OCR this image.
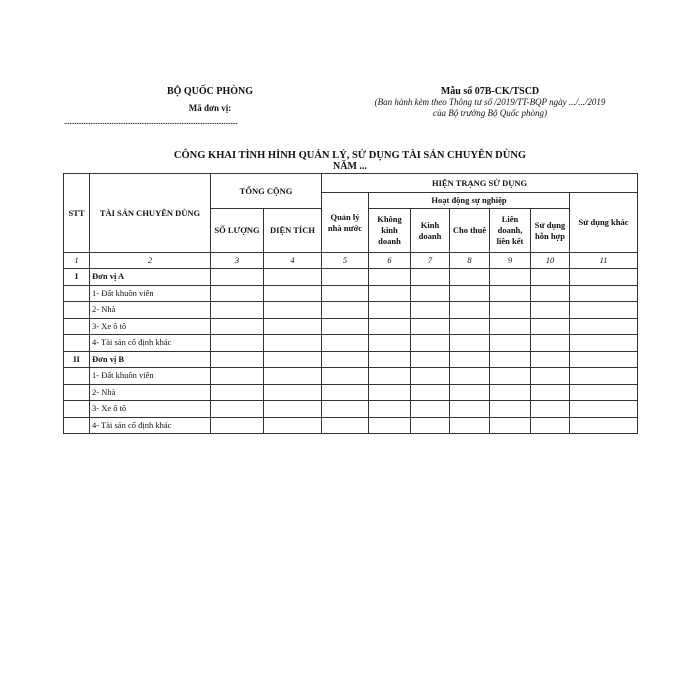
BỘ QUỐC PHÒNG
Mã đơn vị:
...................................................................................................
Mẫu số 07B-CK/TSCD
(Ban hành kèm theo Thông tư số /2019/TT-BQP ngày .../.../2019
của Bộ trưởng Bộ Quốc phòng)
CÔNG KHAI TÌNH HÌNH QUẢN LÝ, SỬ DỤNG TÀI SẢN CHUYÊN DÙNG
NĂM ...
STT	TÀI SẢN CHUYÊN DÙNG	TỔNG CỘNG		HIỆN TRẠNG SỬ DỤNG						
				Quản lý nhà nước	Hoạt động sự nghiệp					Sử dụng khác
		SỐ LƯỢNG	DIỆN TÍCH		Không kinh doanh	Kinh doanh	Cho thuê	Liên doanh, liên kết	Sử dụng hỗn hợp	
1	2	3	4	5	6	7	8	9	10	11
I	Đơn vị A									
	1- Đất khuôn viên									
	2- Nhà									
	3- Xe ô tô									
	4- Tài sản cố định khác									
II	Đơn vị B									
	1- Đất khuôn viên									
	2- Nhà									
	3- Xe ô tô									
	4- Tài sản cố định khác									
